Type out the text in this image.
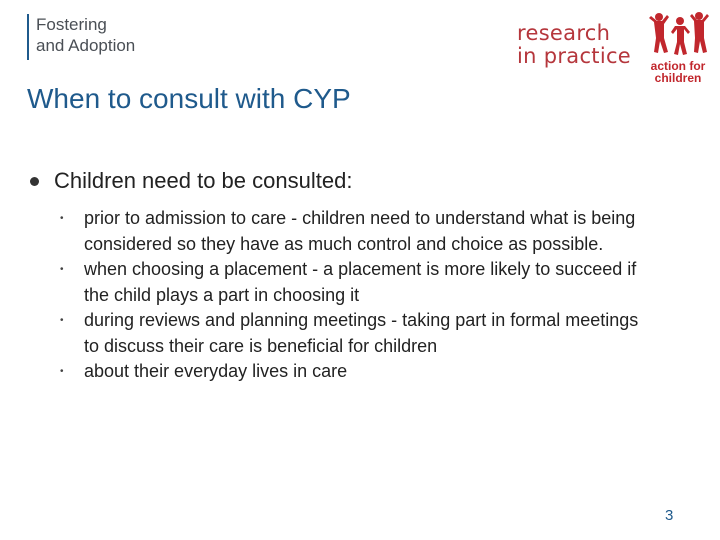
Fostering
and Adoption
research
in practice	action for
children
When to consult with CYP
Children need to be consulted:
• prior to admission to care - children need to understand what is being considered so they have as much control and choice as possible.
• when choosing a placement - a placement is more likely to succeed if the child plays a part in choosing it
• during reviews and planning meetings - taking part in formal meetings to discuss their care is beneficial for children
• about their everyday lives in care
3
